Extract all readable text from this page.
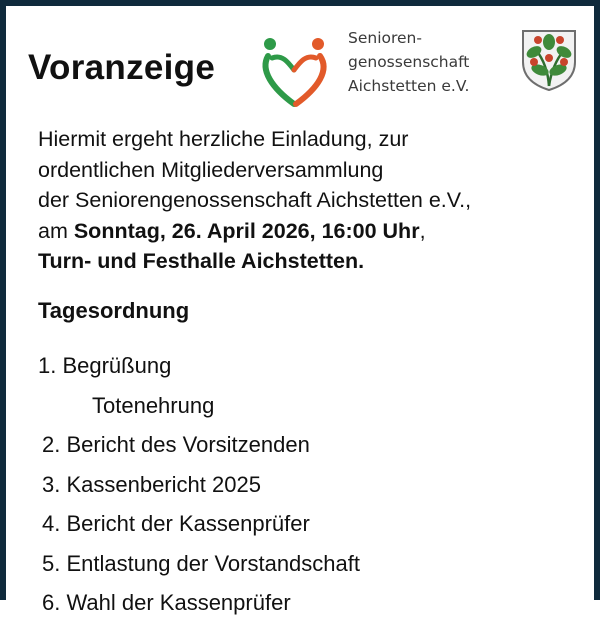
Voranzeige
Senioren-
genossenschaft
Aichstetten e.V.
Hiermit ergeht herzliche Einladung, zur
ordentlichen Mitgliederversammlung
der Seniorengenossenschaft Aichstetten e.V.,
am Sonntag, 26. April 2026, 16:00 Uhr,
Turn- und Festhalle Aichstetten.
Tagesordnung
1. Begrüßung
Totenehrung
2. Bericht des Vorsitzenden
3. Kassenbericht 2025
4. Bericht der Kassenprüfer
5. Entlastung der Vorstandschaft
6. Wahl der Kassenprüfer
